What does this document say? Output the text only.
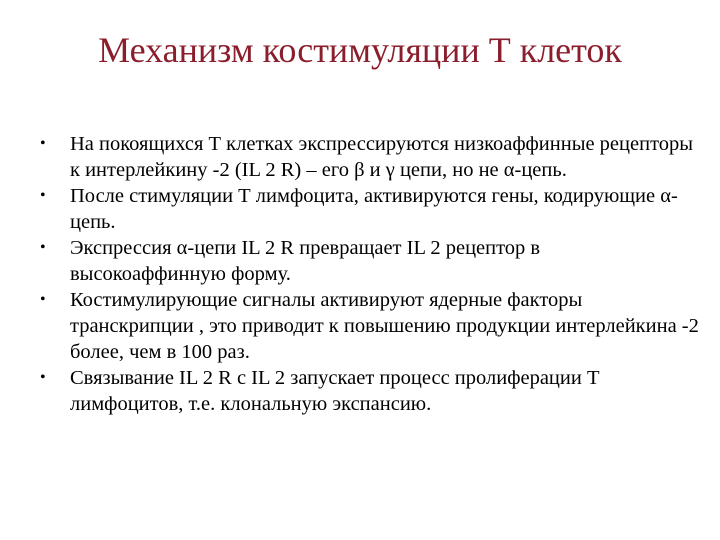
Механизм костимуляции Т клеток
• На покоящихся Т клетках экспрессируются низкоаффинные рецепторы к интерлейкину -2 (IL 2 R) – его β и γ цепи, но не α-цепь.
• После стимуляции Т лимфоцита, активируются гены, кодирующие α-цепь.
• Экспрессия α-цепи IL 2 R превращает IL 2 рецептор в высокоаффинную форму.
• Костимулирующие сигналы активируют ядерные факторы транскрипции , это приводит к повышению продукции интерлейкина -2 более, чем в 100 раз.
• Связывание IL 2 R с IL 2 запускает процесс пролиферации Т лимфоцитов, т.е. клональную экспансию.
